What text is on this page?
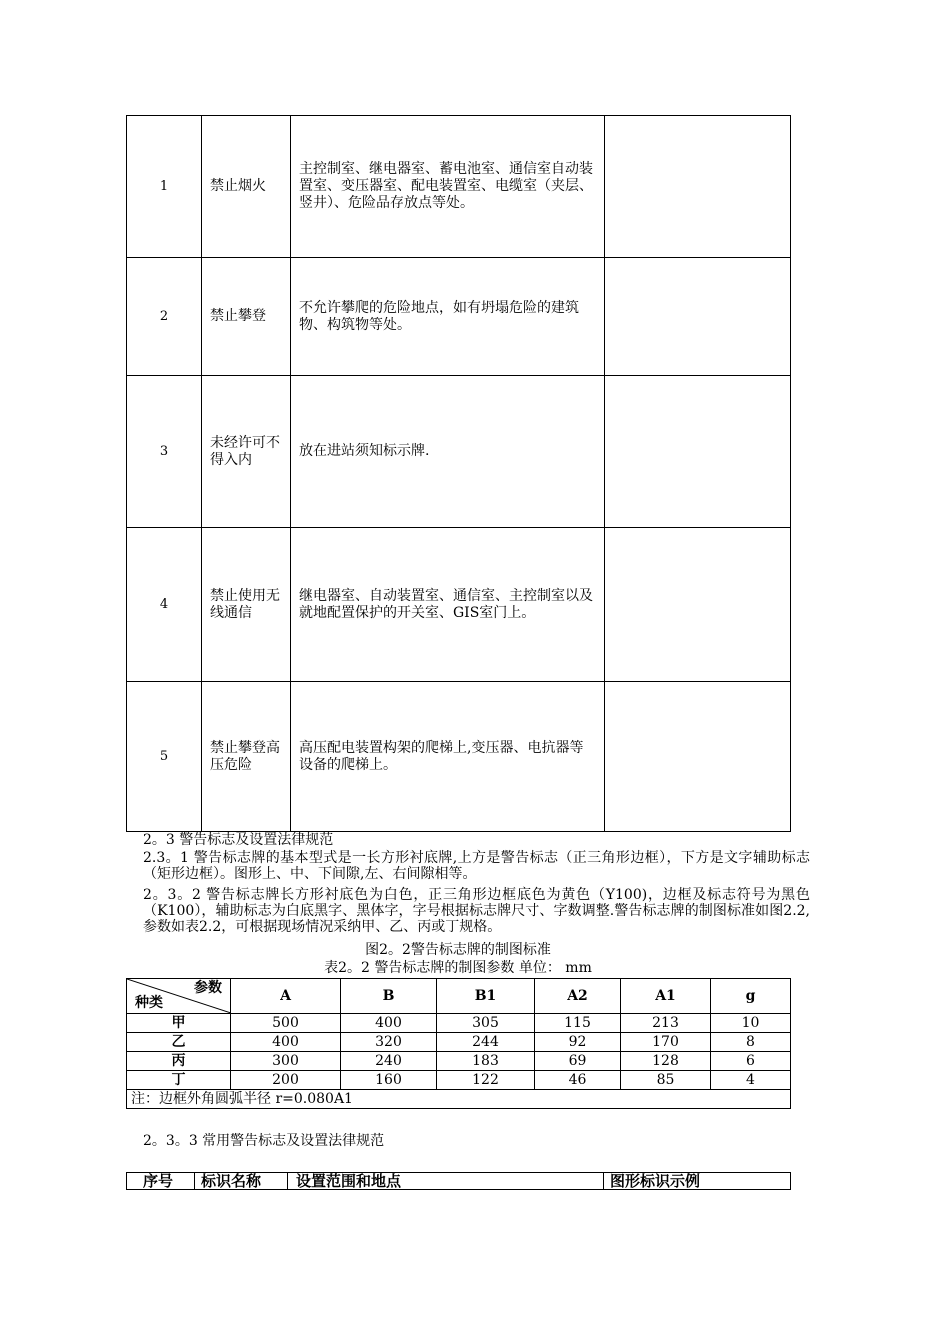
1	禁止烟火	主控制室、继电器室、蓄电池室、通信室自动装置室、变压器室、配电装置室、电缆室（夹层、竖井）、危险品存放点等处。	
2	禁止攀登	不允许攀爬的危险地点，如有坍塌危险的建筑物、构筑物等处。	
3	未经许可不得入内	放在进站须知标示牌.	
4	禁止使用无线通信	继电器室、自动装置室、通信室、主控制室以及就地配置保护的开关室、GIS室门上。	
5	禁止攀登高压危险	高压配电装置构架的爬梯上,变压器、电抗器等设备的爬梯上。	
2。3 警告标志及设置法律规范
2.3。1 警告标志牌的基本型式是一长方形衬底牌,上方是警告标志（正三角形边框），下方是文字辅助标志（矩形边框）。图形上、中、下间隙,左、右间隙相等。
2。3。2 警告标志牌长方形衬底色为白色，正三角形边框底色为黄色（Y100)，边框及标志符号为黑色（K100），辅助标志为白底黑字、黑体字，字号根据标志牌尺寸、字数调整.警告标志牌的制图标准如图2.2,参数如表2.2，可根据现场情况采纳甲、乙、丙或丁规格。
图2。2警告标志牌的制图标准
表2。2 警告标志牌的制图参数 单位： mm
参数
种类	A	B	B1	A2	A1	g
甲	500	400	305	115	213	10
乙	400	320	244	92	170	8
丙	300	240	183	69	128	6
丁	200	160	122	46	85	4
注：边框外角圆弧半径 r=0.080A1						
2。3。3 常用警告标志及设置法律规范
序号	标识名称	设置范围和地点	图形标识示例
